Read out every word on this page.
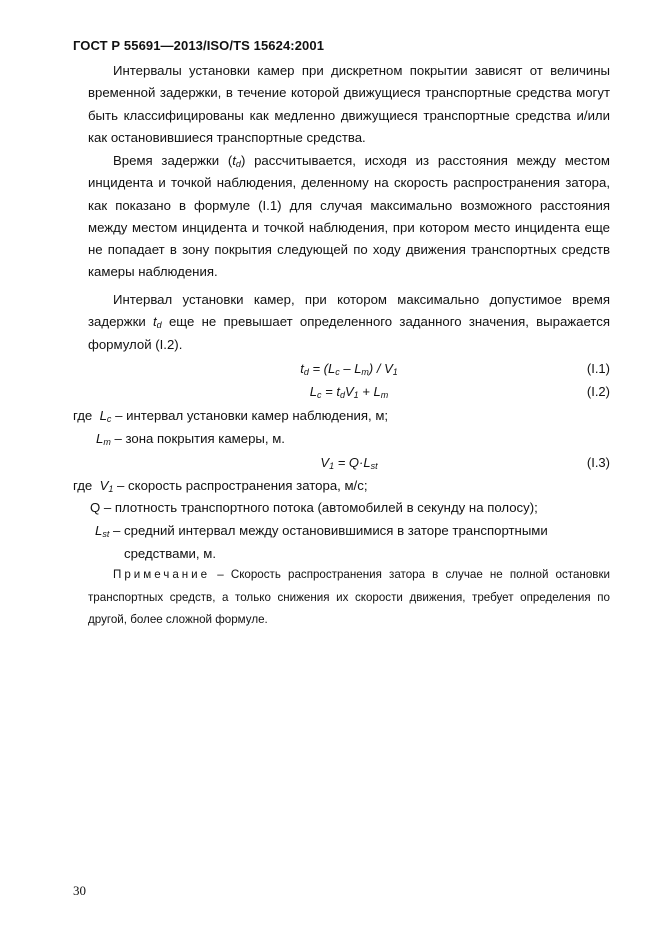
ГОСТ Р 55691—2013/ISO/TS 15624:2001

Интервалы установки камер при дискретном покрытии зависят от величины временной задержки, в течение которой движущиеся транспортные средства могут быть классифицированы как медленно движущиеся транспортные средства и/или как остановившиеся транспортные средства.

Время задержки $(t_d)$ рассчитывается, исходя из расстояния между местом инцидента и точкой наблюдения, деленному на скорость распространения затора, как показано в формуле (I.1) для случая максимально возможного расстояния между местом инцидента и точкой наблюдения, при котором место инцидента еще не попадает в зону покрытия следующей по ходу движения транспортных средств камеры наблюдения.

Интервал установки камер, при котором максимально допустимое время задержки $t_d$ еще не превышает определенного заданного значения, выражается формулой (I.2).

$t_d = (L_c - L_m) / V_1$	(I.1)
$L_c = t_dV_1 + L_m$	(I.2)

где $L_c$ – интервал установки камер наблюдения, м;

$L_m$ – зона покрытия камеры, м.

$V_1 = Q\cdot L_{st}$	(I.3)

где $V_1$ – скорость распространения затора, м/с;

Q – плотность транспортного потока (автомобилей в секунду на полосу);

$L_{st}$ – средний интервал между остановившимися в заторе транспортными

средствами, м.

Примечание – Скорость распространения затора в случае не полной остановки транспортных средств, а только снижения их скорости движения, требует определения по другой, более сложной формуле.

30
